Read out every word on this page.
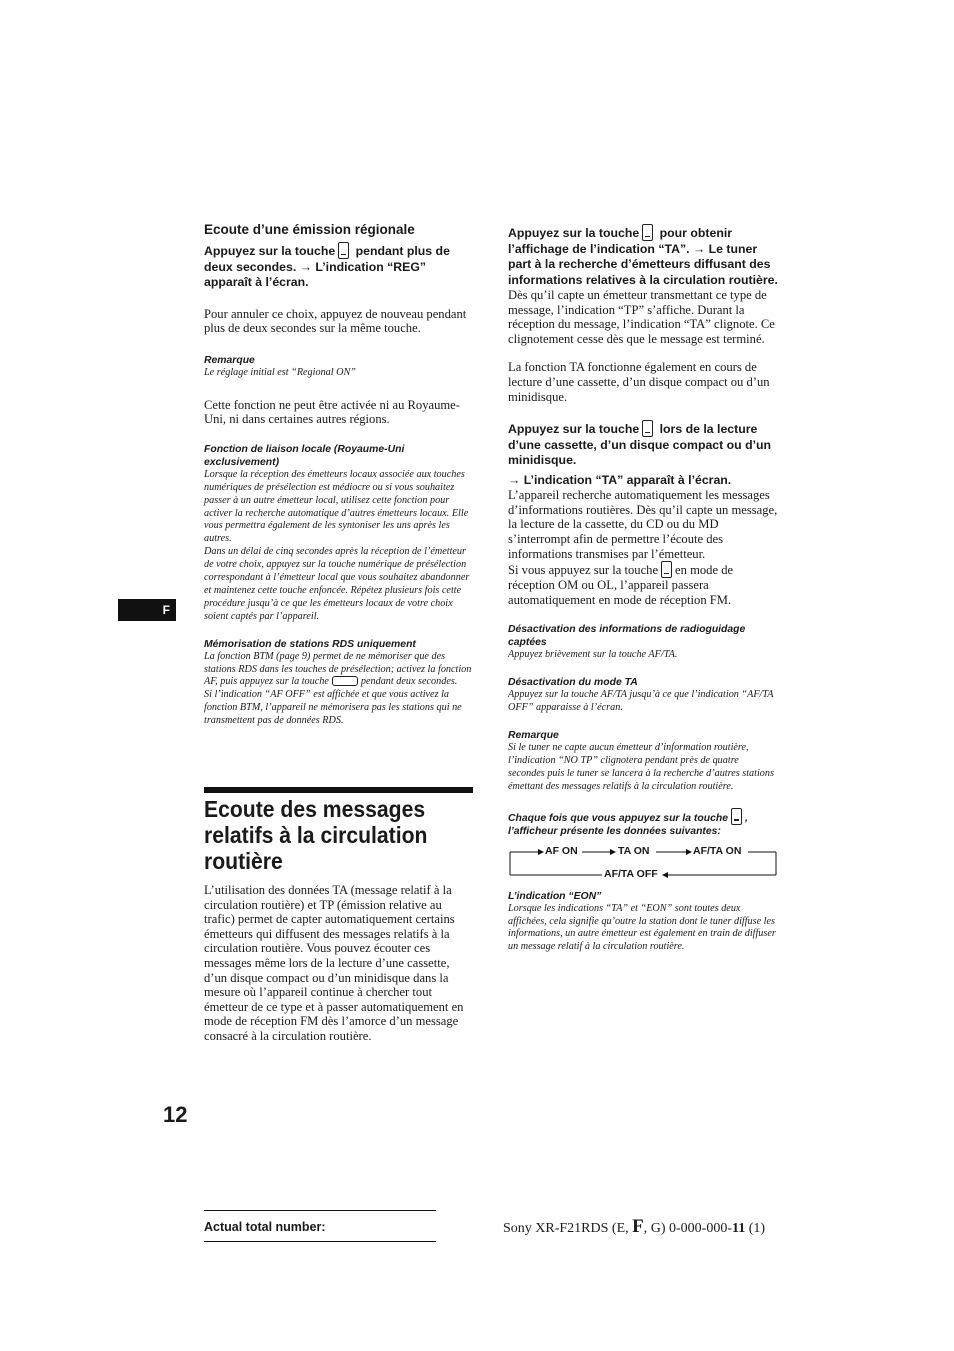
Ecoute d’une émission régionale

Appuyez sur la touche pendant plus de deux secondes. → L’indication “REG” apparaît à l’écran.

Pour annuler ce choix, appuyez de nouveau pendant plus de deux secondes sur la même touche.

Remarque

Le réglage initial est “Regional ON”

Cette fonction ne peut être activée ni au Royaume-Uni, ni dans certaines autres régions.

Fonction de liaison locale (Royaume-Uni exclusivement)

Lorsque la réception des émetteurs locaux associée aux touches numériques de présélection est médiocre ou si vous souhaitez passer à un autre émetteur local, utilisez cette fonction pour activer la recherche automatique d’autres émetteurs locaux. Elle vous permettra également de les syntoniser les uns après les autres.

Dans un délai de cinq secondes après la réception de l’émetteur de votre choix, appuyez sur la touche numérique de présélection correspondant à l’émetteur local que vous souhaitez abandonner et maintenez cette touche enfoncée. Répétez plusieurs fois cette procédure jusqu’à ce que les émetteurs locaux de votre choix soient captés par l’appareil.

Mémorisation de stations RDS uniquement

La fonction BTM (page 9) permet de ne mémoriser que des stations RDS dans les touches de présélection; activez la fonction AF, puis appuyez sur la touche	pendant deux secondes.

Si l’indication “AF OFF” est affichée et que vous activez la fonction BTM, l’appareil ne mémorisera pas les stations qui ne transmettent pas de données RDS.

Ecoute des messages relatifs à la circulation routière

L’utilisation des données TA (message relatif à la circulation routière) et TP (émission relative au trafic) permet de capter automatiquement certains émetteurs qui diffusent des messages relatifs à la circulation routière. Vous pouvez écouter ces messages même lors de la lecture d’une cassette, d’un disque compact ou d’un minidisque dans la mesure où l’appareil continue à chercher tout émetteur de ce type et à passer automatiquement en mode de réception FM dès l’amorce d’un message consacré à la circulation routière.

F

Appuyez sur la touche pour obtenir l’affichage de l’indication “TA”. → Le tuner part à la recherche d’émetteurs diffusant des informations relatives à la circulation routière.

Dès qu’il capte un émetteur transmettant ce type de message, l’indication “TP” s’affiche. Durant la réception du message, l’indication “TA” clignote. Ce clignotement cesse dès que le message est terminé.

La fonction TA fonctionne également en cours de lecture d’une cassette, d’un disque compact ou d’un minidisque.

Appuyez sur la touche lors de la lecture d’une cassette, d’un disque compact ou d’un minidisque.

→ L’indication “TA” apparaît à l’écran.

L’appareil recherche automatiquement les messages d’informations routières. Dès qu’il capte un message, la lecture de la cassette, du CD ou du MD s’interrompt afin de permettre l’écoute des informations transmises par l’émetteur.

Si vous appuyez sur la touche en mode de réception OM ou OL, l’appareil passera automatiquement en mode de réception FM.

Désactivation des informations de radioguidage captées

Appuyez brièvement sur la touche AF/TA.

Désactivation du mode TA

Appuyez sur la touche AF/TA jusqu’à ce que l’indication “AF/TA OFF” apparaisse à l’écran.

Remarque

Si le tuner ne capte aucun émetteur d’information routière, l’indication “NO TP” clignotera pendant près de quatre secondes puis le tuner se lancera à la recherche d’autres stations émettant des messages relatifs à la circulation routière.

Chaque fois que vous appuyez sur la touche , l’afficheur présente les données suivantes:

AF ON	TA ON	AF/TA ON
AF/TA OFF

L’indication “EON”

Lorsque les indications “TA” et “EON” sont toutes deux affichées, cela signifie qu’outre la station dont le tuner diffuse les informations, un autre émetteur est également en train de diffuser un message relatif à la circulation routière.

12
Actual total number:	Sony XR-F21RDS (E, F, G) 0-000-000-11 (1)
